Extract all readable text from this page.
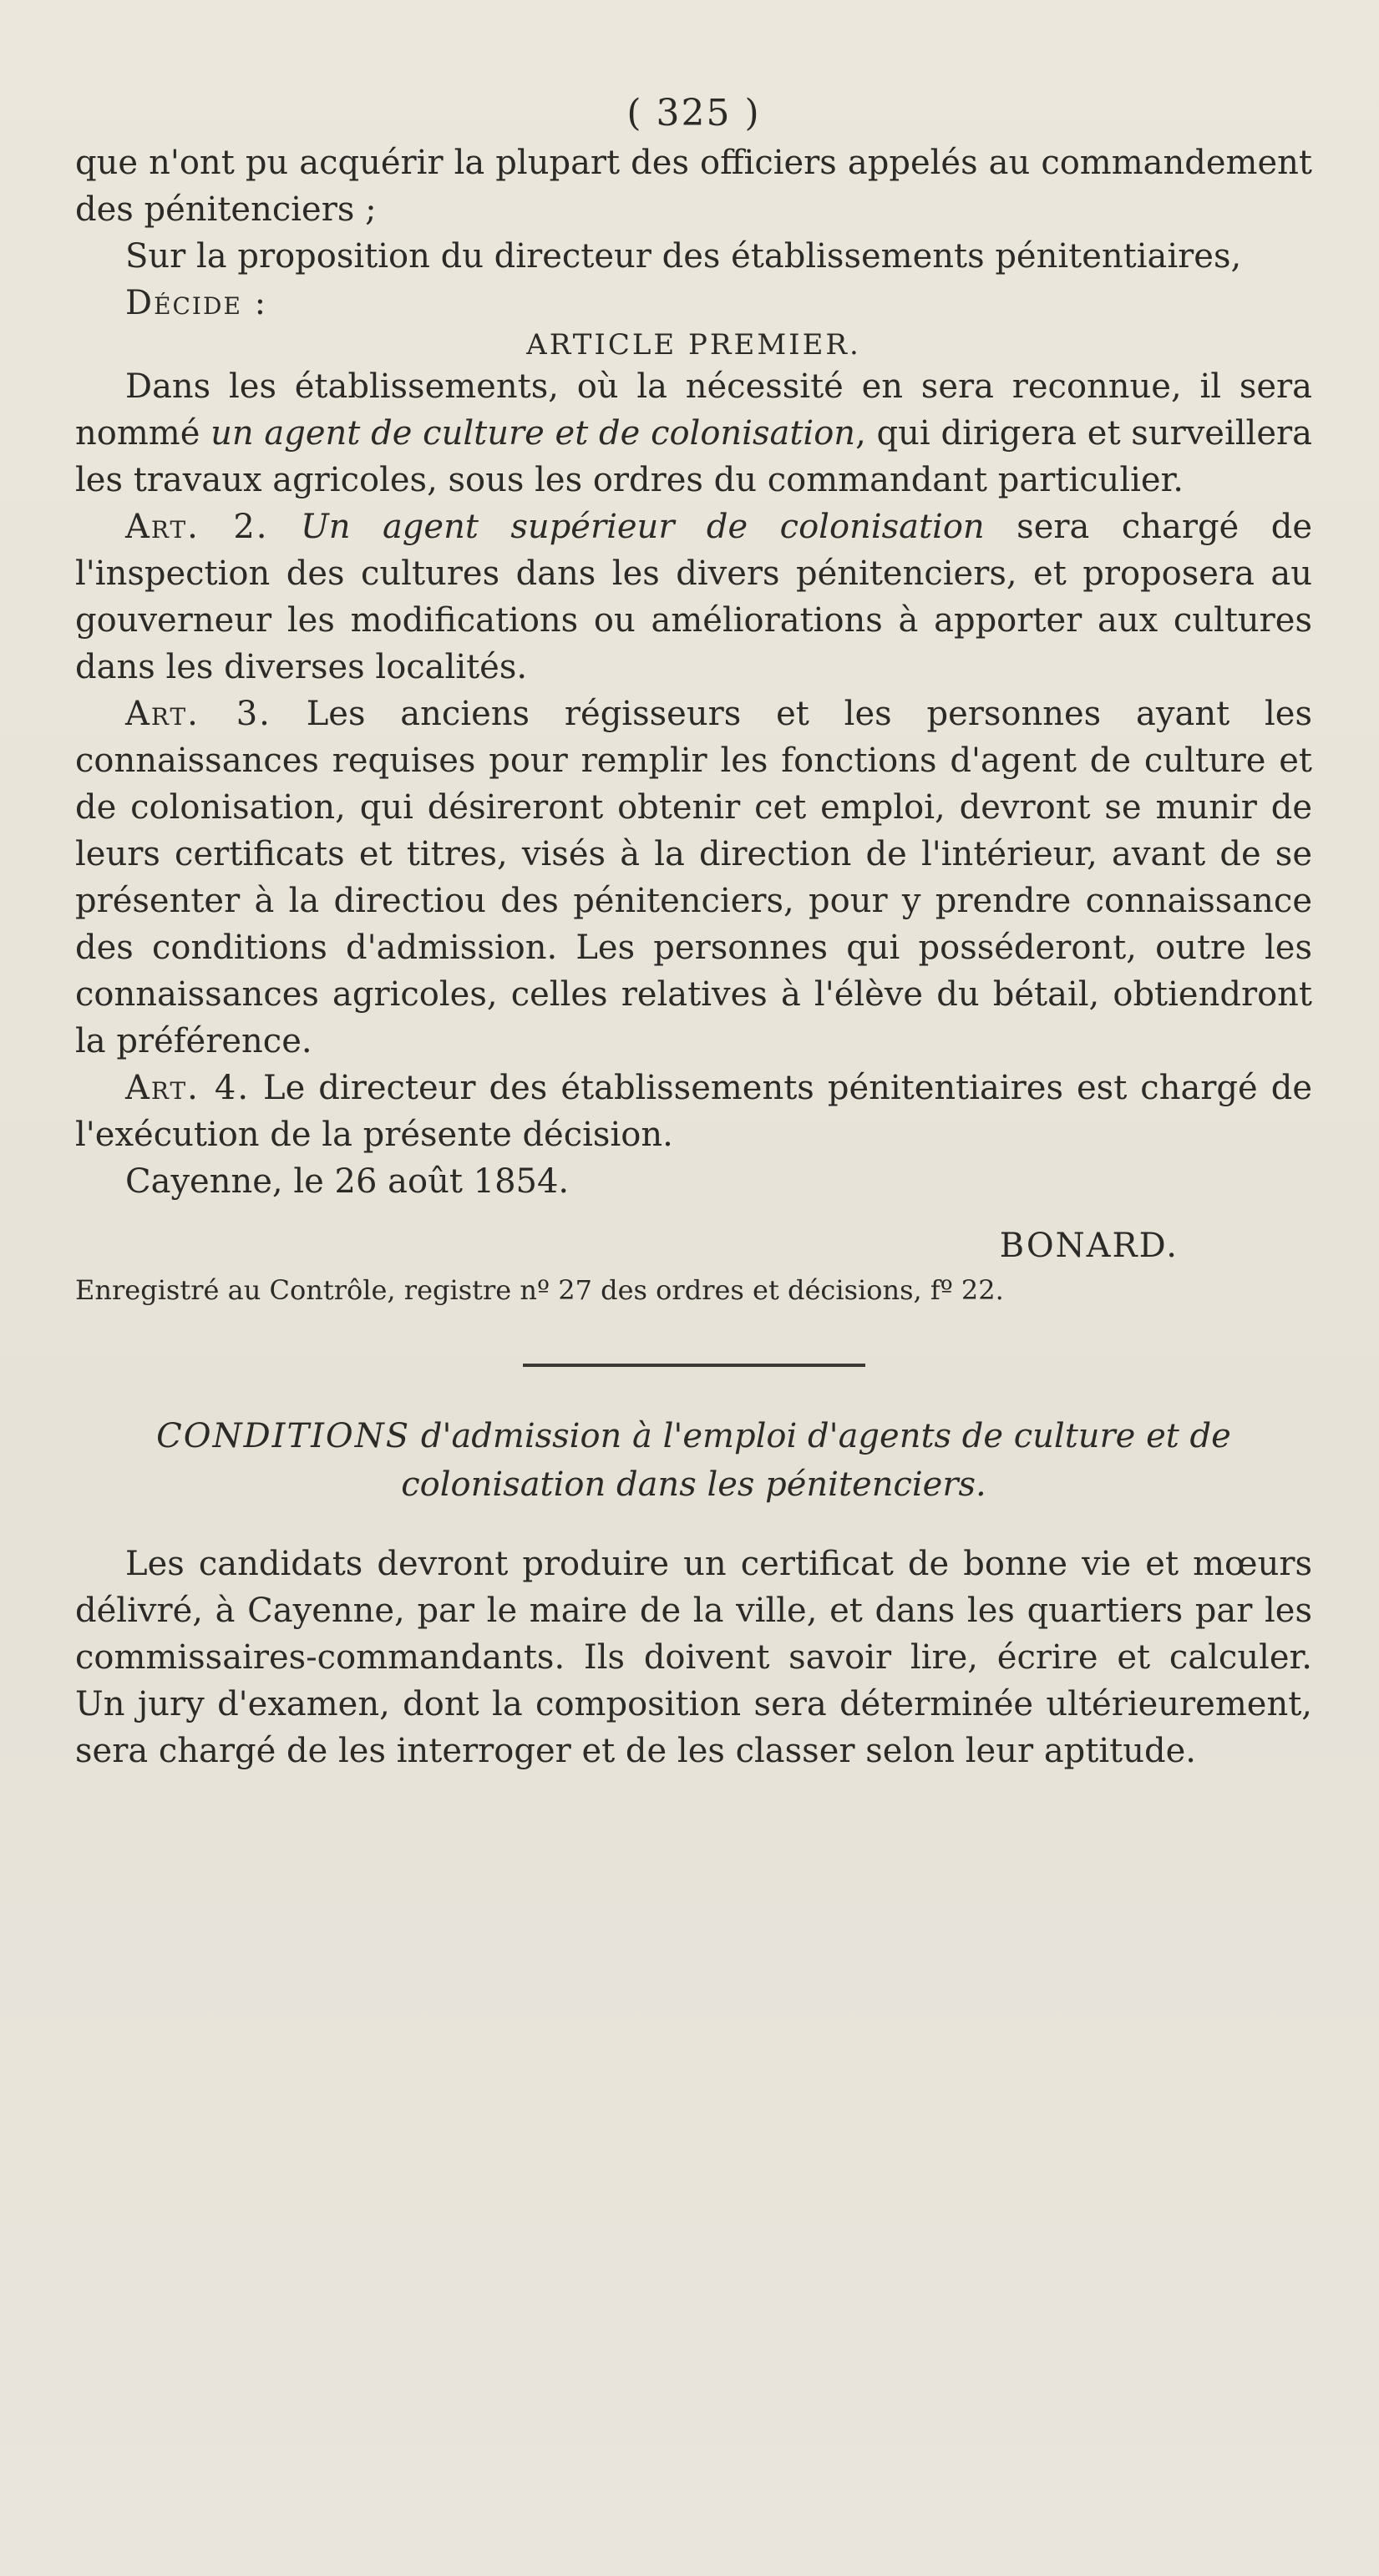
( 325 )

que n'ont pu acquérir la plupart des officiers appelés au commandement des pénitenciers ;

Sur la proposition du directeur des établissements pénitentiaires,

Décide :

ARTICLE PREMIER.

Dans les établissements, où la nécessité en sera reconnue, il sera nommé un agent de culture et de colonisation, qui dirigera et surveillera les travaux agricoles, sous les ordres du commandant particulier.

Art. 2. Un agent supérieur de colonisation sera chargé de l'inspection des cultures dans les divers pénitenciers, et proposera au gouverneur les modifications ou améliorations à apporter aux cultures dans les diverses localités.

Art. 3. Les anciens régisseurs et les personnes ayant les connaissances requises pour remplir les fonctions d'agent de culture et de colonisation, qui désireront obtenir cet emploi, devront se munir de leurs certificats et titres, visés à la direction de l'intérieur, avant de se présenter à la directiou des pénitenciers, pour y prendre connaissance des conditions d'admission. Les personnes qui posséderont, outre les connaissances agricoles, celles relatives à l'élève du bétail, obtiendront la préférence.

Art. 4. Le directeur des établissements pénitentiaires est chargé de l'exécution de la présente décision.

Cayenne, le 26 août 1854.

BONARD.

Enregistré au Contrôle, registre nº 27 des ordres et décisions, fº 22.

CONDITIONS d'admission à l'emploi d'agents de culture et de colonisation dans les pénitenciers.

Les candidats devront produire un certificat de bonne vie et mœurs délivré, à Cayenne, par le maire de la ville, et dans les quartiers par les commissaires-commandants. Ils doivent savoir lire, écrire et calculer. Un jury d'examen, dont la composition sera déterminée ultérieurement, sera chargé de les interroger et de les classer selon leur aptitude.
